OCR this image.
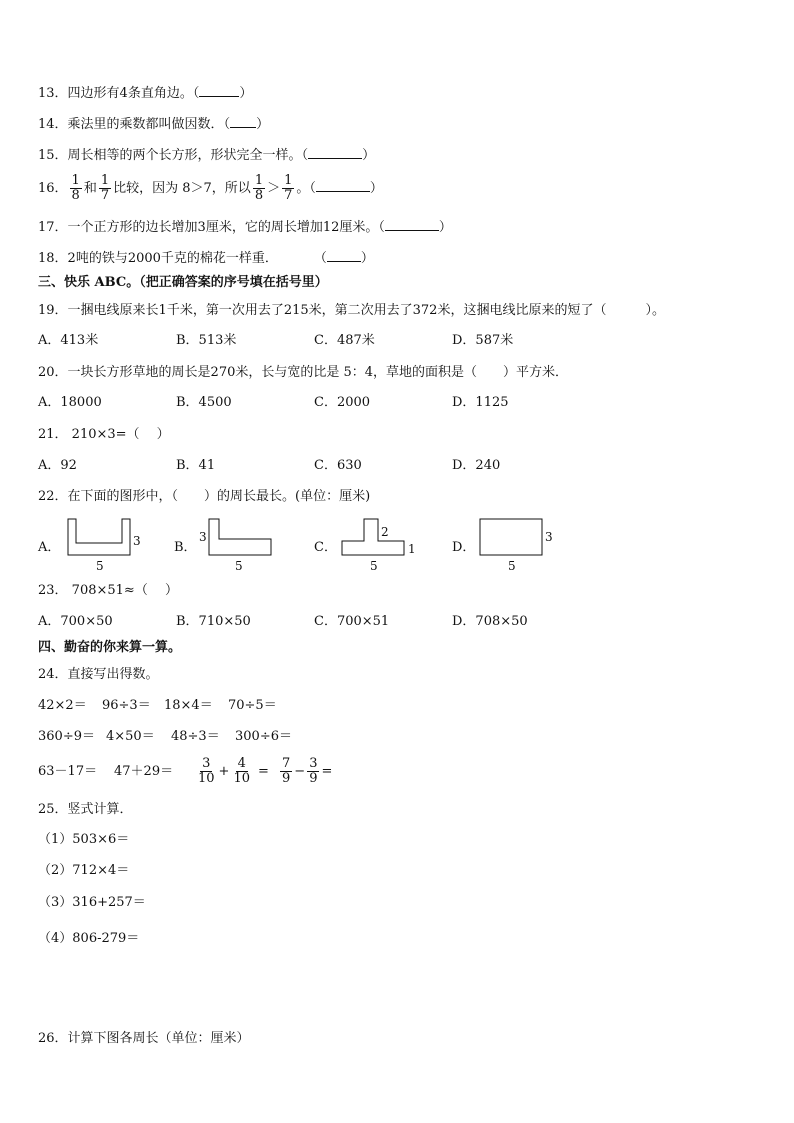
13．四边形有4条直角边。（	）
14．乘法里的乘数都叫做因数．（ ）
15．周长相等的两个长方形，形状完全一样。（	）
16． $\frac{1}{8}$ 和 $\frac{1}{7}$ 比较，因为 8＞7，所以 $\frac{1}{8} > \frac{1}{7}$ 。（	）
17．一个正方形的边长增加3厘米，它的周长增加12厘米。（	）
18．2吨的铁与2000千克的棉花一样重．	（	）
三、快乐 ABC。（把正确答案的序号填在括号里）
19．一捆电线原来长1千米，第一次用去了215米，第二次用去了372米，这捆电线比原来的短了（　　　）。
A．413米	B．513米	C．487米	D．587米
20．一块长方形草地的周长是270米，长与宽的比是 5：4，草地的面积是（　　）平方米．
A．18000	B．4500	C．2000	D．1125
21． 210×3=（　 ）
A．92	B．41	C．630	D．240
22．在下面的图形中，（　　）的周长最长。(单位：厘米)
A．
5
3	B．
3
5
C．
2
1
5
D．
3
5
23． 708×51≈（　 ）
A．700×50	B．710×50	C．700×51	D．708×50
四、勤奋的你来算一算。
24．直接写出得数。
42×2＝ 96÷3＝ 18×4＝ 70÷5＝
360÷9＝ 4×50＝ 48÷3＝ 300÷6＝
$63-17= 47+29= \frac{3}{10} + \frac{4}{10} = \frac{7}{9} - \frac{3}{9}$ =
25．竖式计算．
（1）503×6＝
（2）712×4＝
（3）316+257＝
（4）806-279＝
26．计算下图各周长（单位：厘米）
